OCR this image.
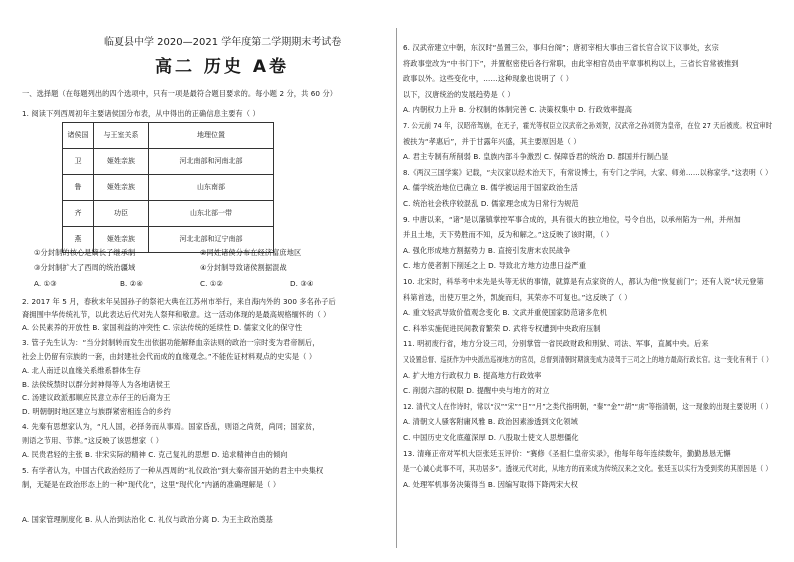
临夏县中学 2020—2021 学年度第二学期期末考试卷
高二 历史 A卷
一、选择题（在每题列出的四个选项中，只有一项是最符合题目要求的。每小题 2 分，共 60 分）
1. 阅读下列西周初年主要诸侯国分布表，从中得出的正确信息主要有（ ）
诸侯国	与王室关系	地理位置
卫	姬姓亲族	河北南部和河南北部
鲁	姬姓亲族	山东南部
齐	功臣	山东北部一带
燕	姬姓亲族	河北北部和辽宁南部
①分封制的核心是嫡长子继承制	②同姓诸侯分布在经济富庶地区
③分封制扩大了西周的统治疆域	④分封制导致诸侯割据混战
A. ①③	B. ②④	C. ①②	D. ③④
2. 2017 年 5 月，春秋末年吴国孙子的祭祀大典在江苏州市举行，来自海内外的 300 多名孙子后
裔拥围中华传统礼节，以此表达后代对先人祭拜和敬意。这一活动体现的是最高规格缅怀的（ ）
A. 公民素养的开放性 B. 家国利益的冲突性 C. 宗法传统的延续性 D. 儒家文化的保守性
3. 管子先生认为：“当分封制转而发生出依据功能解释血亲法则的政治一宗时变为君帝制后，
社会上仍留有宗族的一套，由封建社会代而成的血缘观念。”不能佐证材料观点的史实是（ ）
A. 北人南迁以血缘关系维系群体生存
B. 法侯统禁时以群分封神得等人为各地诸侯王
C. 汤建议政派那顺应民意立赤仔王的后裔为王
D. 明朝朝时地区建立与族群紧密相连合的乡约
4. 先秦有思想家认为，“凡人国，必择务而从事焉。国家昏乱，则语之尚贤，尚同；国家贫，
则语之节用、节葬。”这反映了该思想家（ ）
A. 民贵君轻的主张 B. 非宋实际的精神 C. 克己复礼的思想 D. 追求精神自由的倾向
5. 有学者认为，中国古代政治经历了一种从西周的“礼仪政治”到大秦帝国开始的君主中央集权
制，无疑是在政治形态上的一种“现代化”，这里“现代化”内涵的准确理解是（ ）
A. 国家管理制度化 B. 从人治到法治化 C. 礼仪与政治分离 D. 为王主政治奠基
6. 汉武帝建立中朝，东汉时“虽置三公，事归台阁”；唐初宰相大事由三省长官合议下议事处，玄宗
将政事堂改为“中书门下”，并置枢密使后各行常职，由此宰相官员由平章事机构以上，三省长官常被推到
政事以外。这些变化中，……这种现象也说明了（ ）
以下，汉唐统治的发展趋势是（ ）
A. 内朝权力上升 B. 分权制的体制完善 C. 决策权集中 D. 行政效率提高
7. 公元前 74 年，汉昭帝驾崩，在无子，霍光等权臣立汉武帝之孙刘贺，汉武帝之孙刘贺为皇帝，在位 27 天后被废。权宜审时
被扶为“孝惠后”，并于甘露年兴盛，其主要原因是（ ）
A. 君主专制有所削弱 B. 皇族内部斗争激烈 C. 保障昏君的统治 D. 郡国并行制凸显
8.《两汉三国学案》记载，“夫汉家以经术治天下，有常设博士，有专门之学问，大家、师弟……以称家学。”这表明（ ）
A. 儒学统治地位已确立 B. 儒学被运用于国家政治生活
C. 统治社会秩序较混乱 D. 儒家理念成为日常行为规范
9. 中唐以来，“诸”是以藩镇掌控军事合成的，具有很大的独立地位，号令自出，以承州陷为一州，并州加
并且土地，天下势胜而不知，反为和解之。”这反映了该时期，（ ）
A. 强化形成地方割据势力 B. 直接引发唐末农民战争
C. 地方使者割下削延之上 D. 导致北方地方边患日益严重
10. 北宋时，科举考中未先是头等无状的事情，就算是有点家资的人，都认为他“恢复前门”；还有人说“状元登第
科第首选，出使万里之外，凯旋而归，其荣亦不可复也。”这反映了（ ）
A. 重文轻武导致价值观念变化 B. 文武并重使国家防范诸多危机
C. 科举实施促进民间教育繁荣 D. 武将专权遭到中央政府压制
11. 明初废行省，地方分设三司，分别掌管一省民政财政和刑狱、司法、军事，直属中央。后来
又设置总督、巡抚作为中央派出巡视地方的官员，总督到清朝时期演变成为凌驾于三司之上的地方最高行政长官。这一变化有利于（ ）
A. 扩大地方行政权力 B. 提高地方行政效率
C. 削弱六部的权限 D. 提醒中央与地方的对立
12. 清代文人在作诗时，常以“汉”“宋”“日”“月”之类代指明朝，“秦”“金”“胡”“虏”等指清朝，这一现象的出现主要说明（ ）
A. 清朝文人骚客附庸风雅 B. 政治因素渗透到文化领域
C. 中国历史文化底蕴深厚 D. 八股取士使文人思想僵化
13. 清雍正帝对军机大臣张廷玉评价：“赛修《圣祖仁皇帝实录》，他每年每年连续数年，勤勤恳恳无懈
是一心诚心此事不可，其功居多”。透视元代对此，从地方的而来成为传统汉来之文化。张廷玉以实行为受到奖的其原因是（ ）
A. 处理军机事务决策得当 B. 因编写取得下降两宋大权
